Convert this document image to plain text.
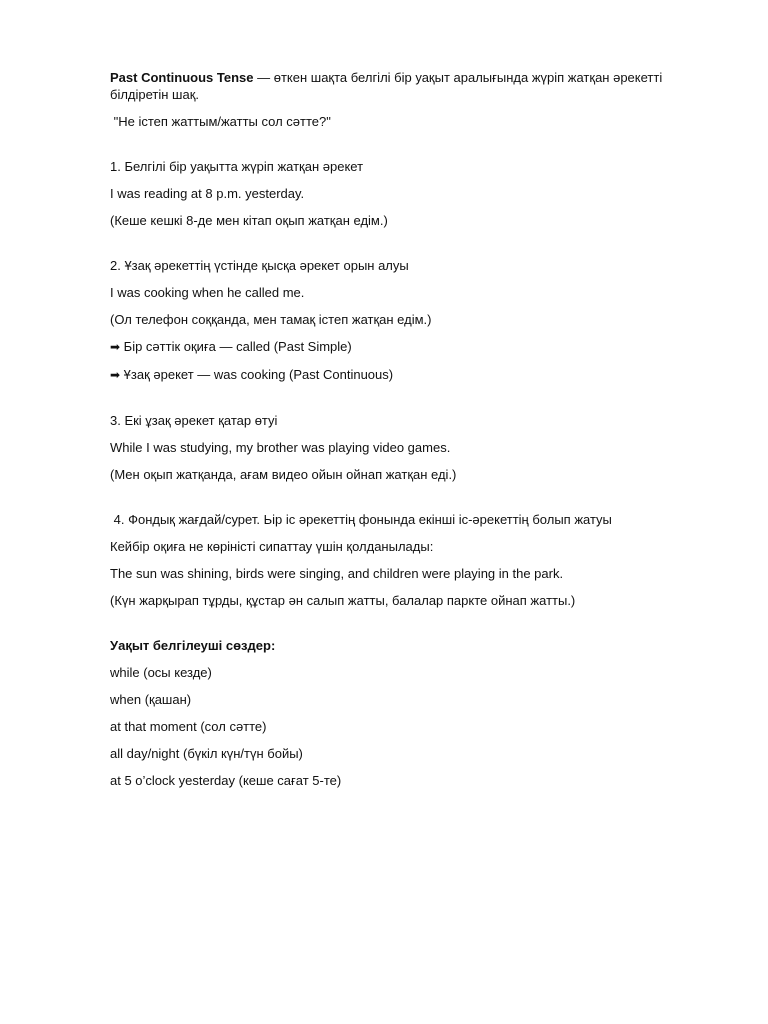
Past Continuous Tense — өткен шақта белгілі бір уақыт аралығында жүріп жатқан әрекетті білдіретін шақ.

"Не істеп жаттым/жатты сол сәтте?"

1. Белгілі бір уақытта жүріп жатқан әрекет

I was reading at 8 p.m. yesterday.

(Кеше кешкі 8-де мен кітап оқып жатқан едім.)

2. Ұзақ әрекеттің үстінде қысқа әрекет орын алуы

I was cooking when he called me.

(Ол телефон соққанда, мен тамақ істеп жатқан едім.)

➡ Бір сәттік оқиға — called (Past Simple)

➡ Ұзақ әрекет — was cooking (Past Continuous)

3. Екі ұзақ әрекет қатар өтуі

While I was studying, my brother was playing video games.

(Мен оқып жатқанда, ағам видео ойын ойнап жатқан еді.)

4. Фондық жағдай/сурет. Ьір іс әрекеттің фонында екінші іс-әрекеттің болып жатуы

Кейбір оқиға не көріністі сипаттау үшін қолданылады:

The sun was shining, birds were singing, and children were playing in the park.

(Күн жарқырап тұрды, құстар ән салып жатты, балалар паркте ойнап жатты.)

Уақыт белгілеуші сөздер:

while (осы кезде)

when (қашан)

at that moment (сол сәтте)

all day/night (бүкіл күн/түн бойы)

at 5 o’clock yesterday (кеше сағат 5-те)
